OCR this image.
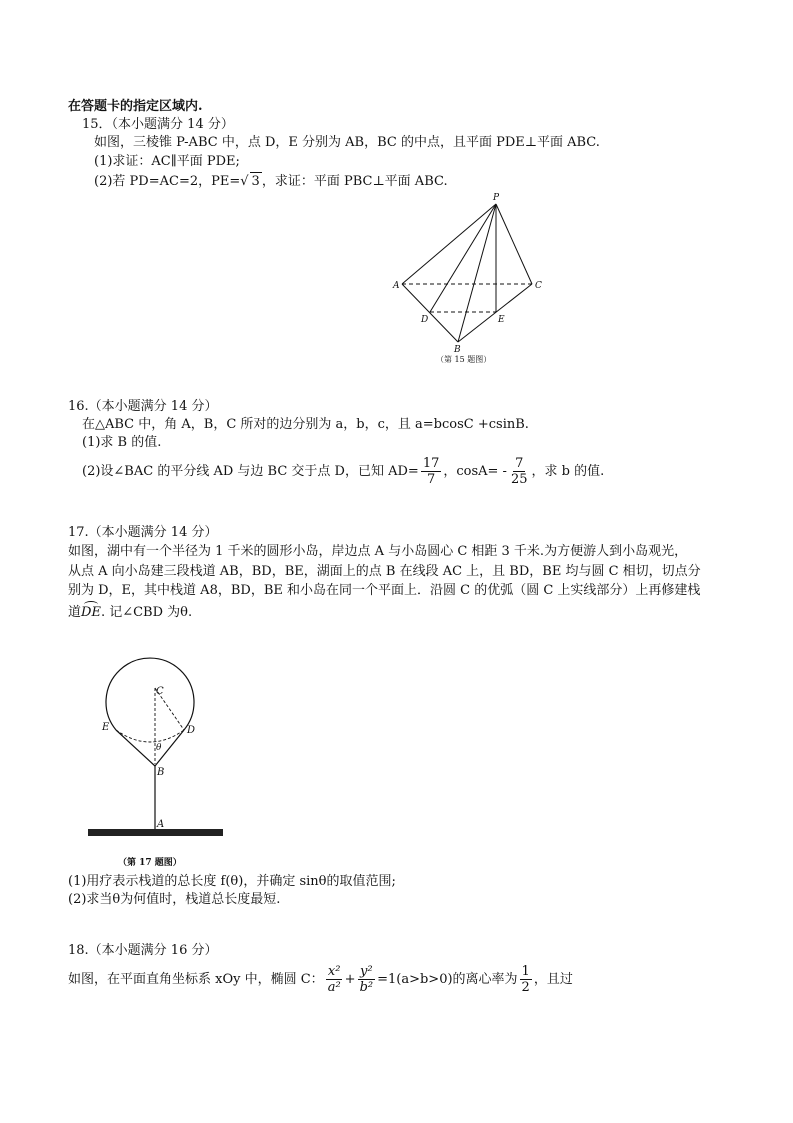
在答题卡的指定区域内.
15．（本小题满分 14 分）
如图，三棱锥 P-ABC 中，点 D，E 分别为 AB，BC 的中点，且平面 PDE⊥平面 ABC.
(1)求证：AC∥平面 PDE;
(2)若 PD=AC=2，PE=√ 3 ，求证：平面 PBC⊥平面 ABC.
P
A	C
D	E
B
（第 15 题图）
16.（本小题满分 14 分）
在△ABC 中，角 A，B，C 所对的边分别为 a，b，c，且 a=bcosC +csinB.
(1)求 B 的值.
(2)设∠BAC 的平分线 AD 与边 BC 交于点 D，已知 $AD= \frac{17}{7}$ ，$\cos A= - \frac{7}{25}$ ，求 b 的值.
17.（本小题满分 14 分）
如图，湖中有一个半径为 1 千米的圆形小岛，岸边点 A 与小岛圆心 C 相距 3 千米.为方便游人到小岛观光，
从点 A 向小岛建三段栈道 AB，BD，BE，湖面上的点 B 在线段 AC 上，且 BD，BE 均与圆 C 相切，切点分
别为 D，E，其中栈道 A8，BD，BE 和小岛在同一个平面上．沿圆 C 的优弧（圆 C 上实线部分）上再修建栈
道DE. 记∠CBD 为θ.
C
E	D
θ
B
A
（第 17 题图）
(1)用疗表示栈道的总长度 f(θ)，并确定 sinθ的取值范围;
(2)求当θ为何值时，栈道总长度最短.
18.（本小题满分 16 分）
如图，在平面直角坐标系 xOy 中，椭圆 C： $\frac{\text{x²}}{\text{a²}} + \frac{\text{y²}}{\text{b²}} =1(a>b>0)$的离心率为 $\frac{1}{2}$ ，且过
